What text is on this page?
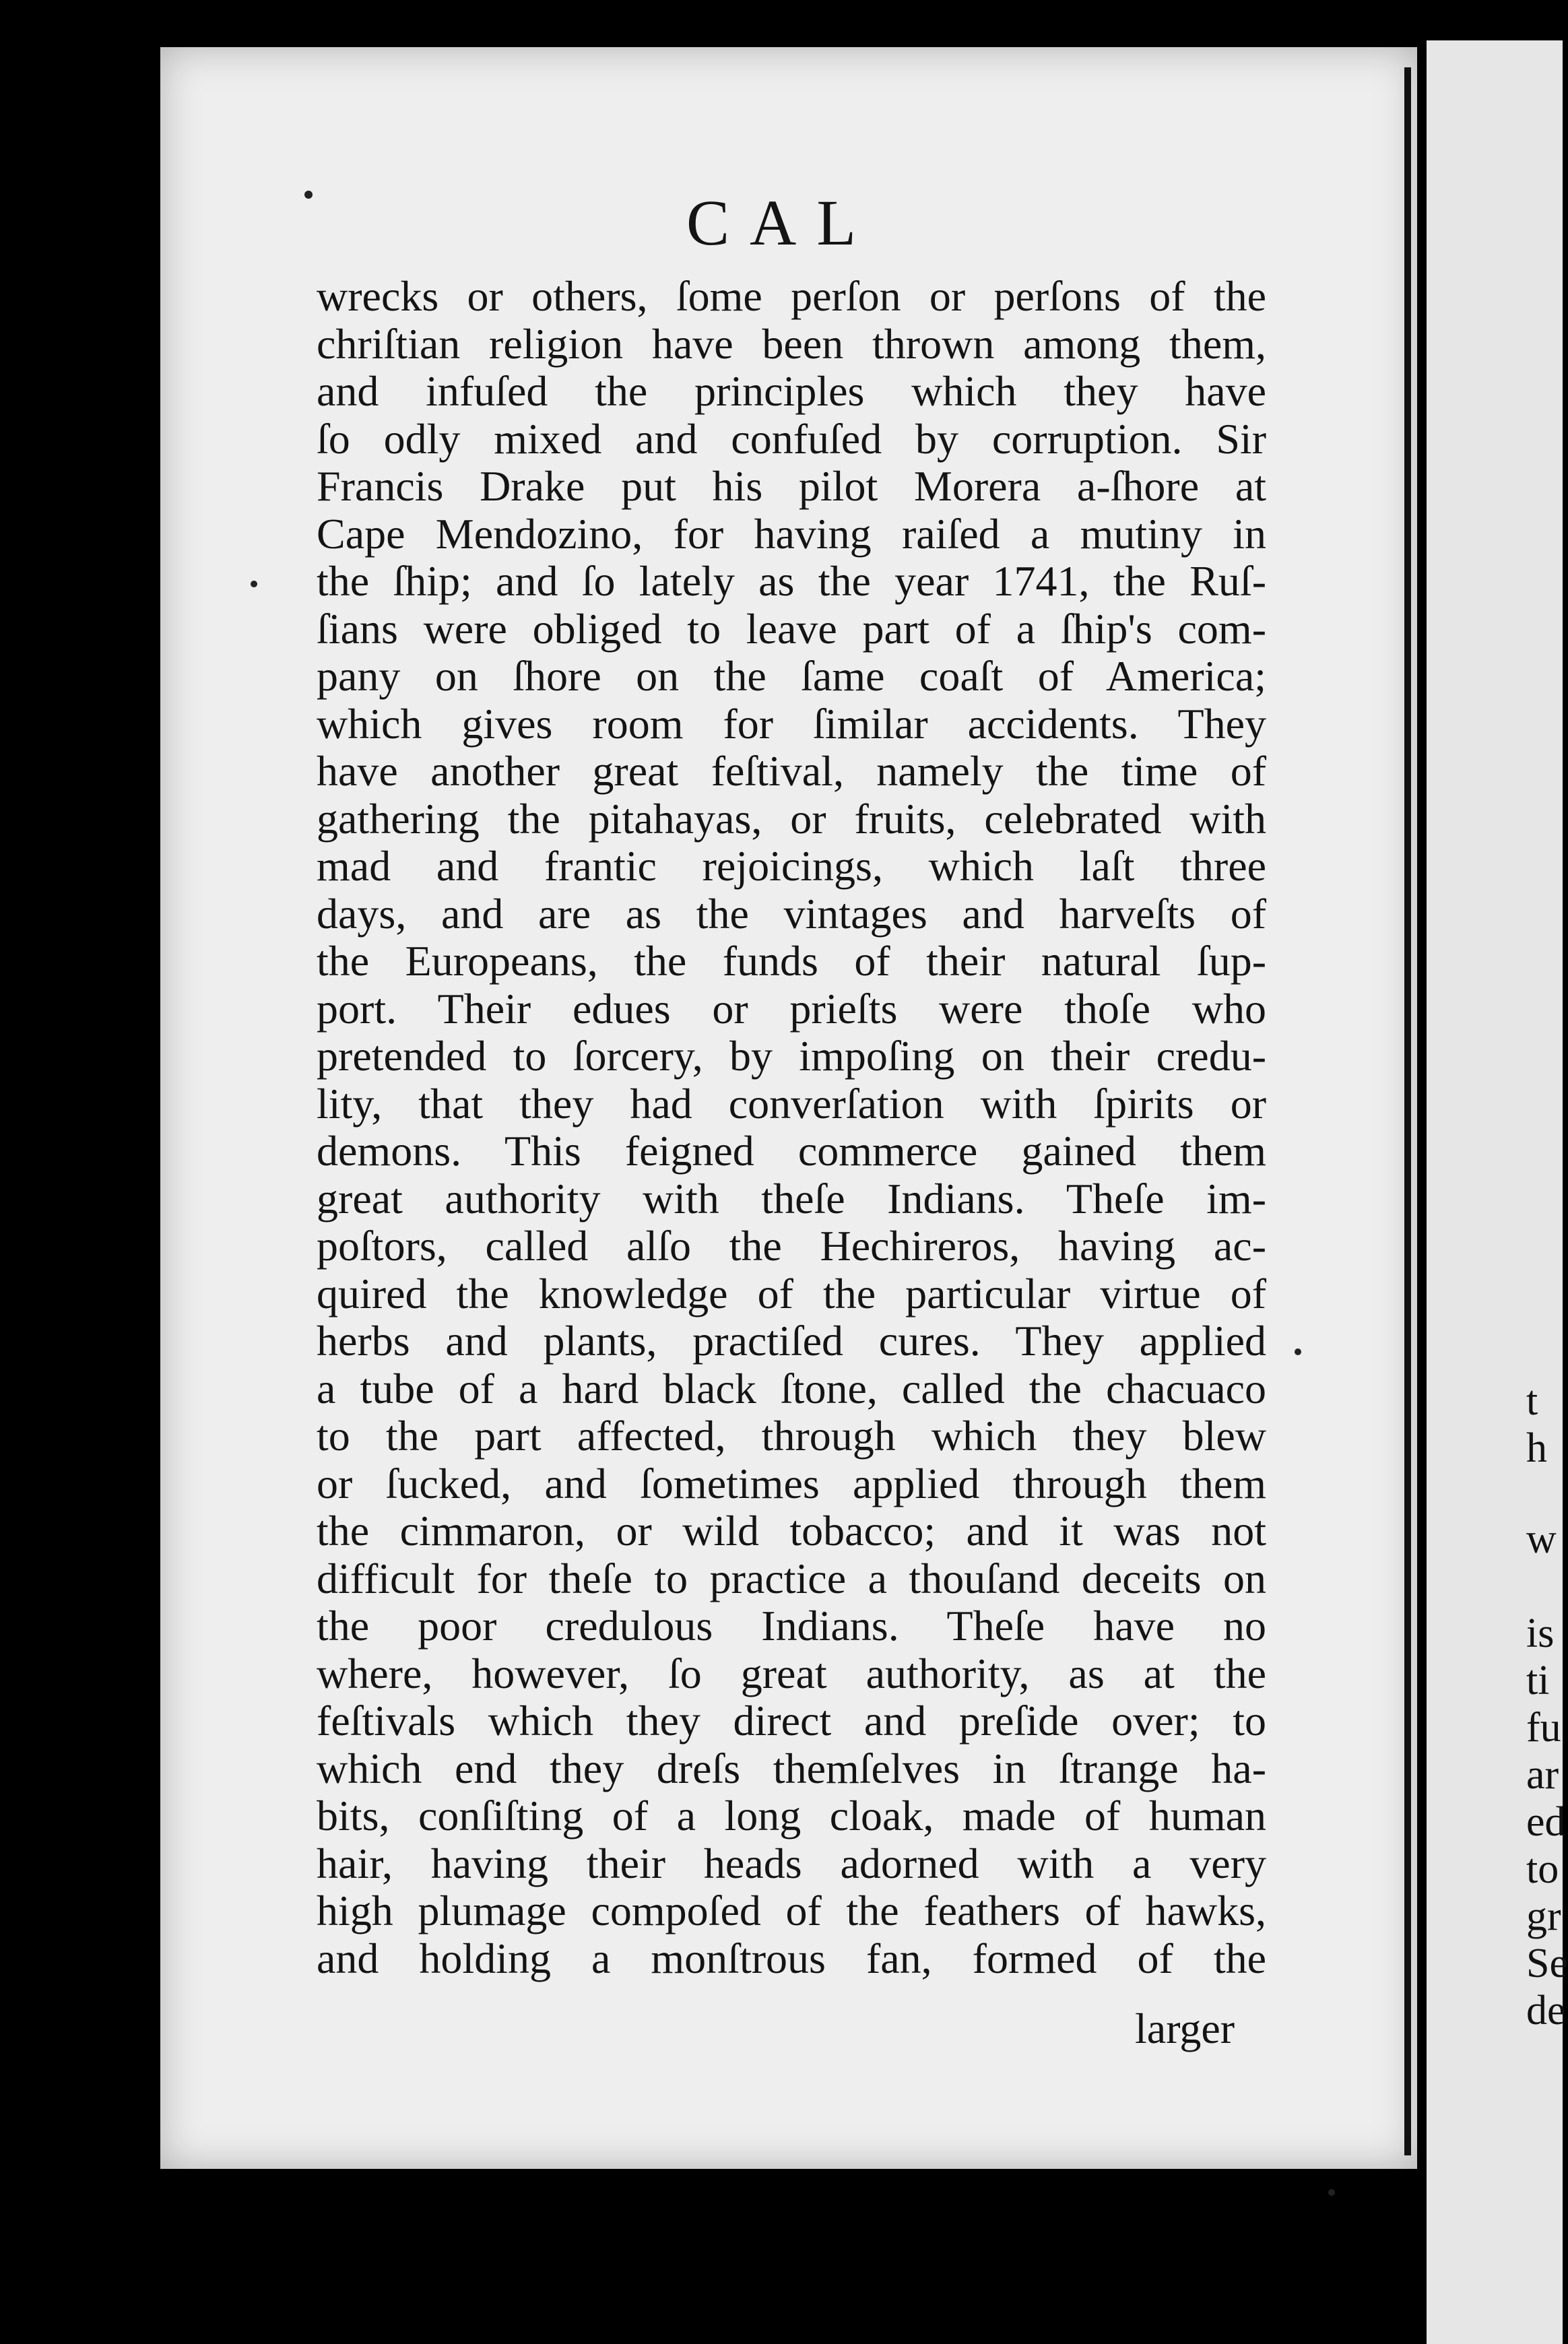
t
h
w
is
ti
fu
ar
ed
to
gr
Se
de
CAL
wrecks or others, ſome perſon or perſons of the
chriſtian religion have been thrown among them,
and infuſed the principles which they have
ſo odly mixed and confuſed by corruption. Sir
Francis Drake put his pilot Morera a-ſhore at
Cape Mendozino, for having raiſed a mutiny in
the ſhip; and ſo lately as the year 1741, the Ruſ-
ſians were obliged to leave part of a ſhip's com-
pany on ſhore on the ſame coaſt of America;
which gives room for ſimilar accidents. They
have another great feſtival, namely the time of
gathering the pitahayas, or fruits, celebrated with
mad and frantic rejoicings, which laſt three
days, and are as the vintages and harveſts of
the Europeans, the funds of their natural ſup-
port. Their edues or prieſts were thoſe who
pretended to ſorcery, by impoſing on their credu-
lity, that they had converſation with ſpirits or
demons. This feigned commerce gained them
great authority with theſe Indians. Theſe im-
poſtors, called alſo the Hechireros, having ac-
quired the knowledge of the particular virtue of
herbs and plants, practiſed cures. They applied
a tube of a hard black ſtone, called the chacuaco
to the part affected, through which they blew
or ſucked, and ſometimes applied through them
the cimmaron, or wild tobacco; and it was not
difficult for theſe to practice a thouſand deceits on
the poor credulous Indians. Theſe have no
where, however, ſo great authority, as at the
feſtivals which they direct and preſide over; to
which end they dreſs themſelves in ſtrange ha-
bits, conſiſting of a long cloak, made of human
hair, having their heads adorned with a very
high plumage compoſed of the feathers of hawks,
and holding a monſtrous fan, formed of the
larger
